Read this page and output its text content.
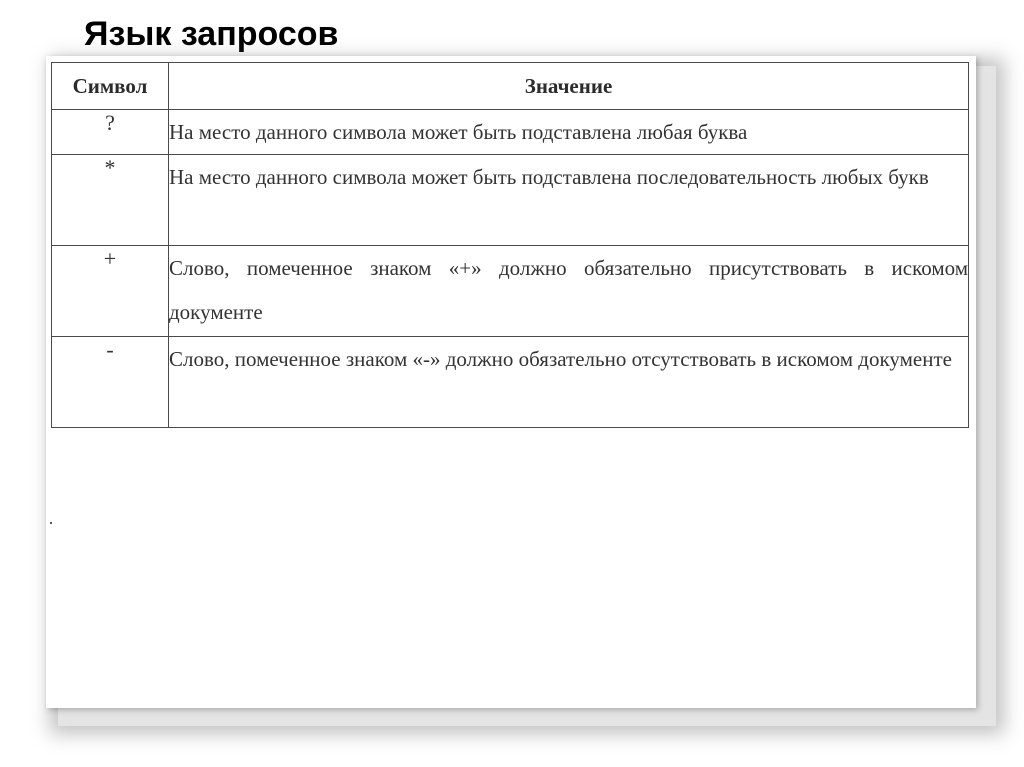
Язык запросов
Символ	Значение
?	На место данного символа может быть подставлена любая буква
*	На место данного символа может быть подставлена последовательность любых букв
+	Слово, помеченное знаком «+» должно обязательно присутствовать в искомом документе
-	Слово, помеченное знаком «-» должно обязательно отсутствовать в искомом документе
